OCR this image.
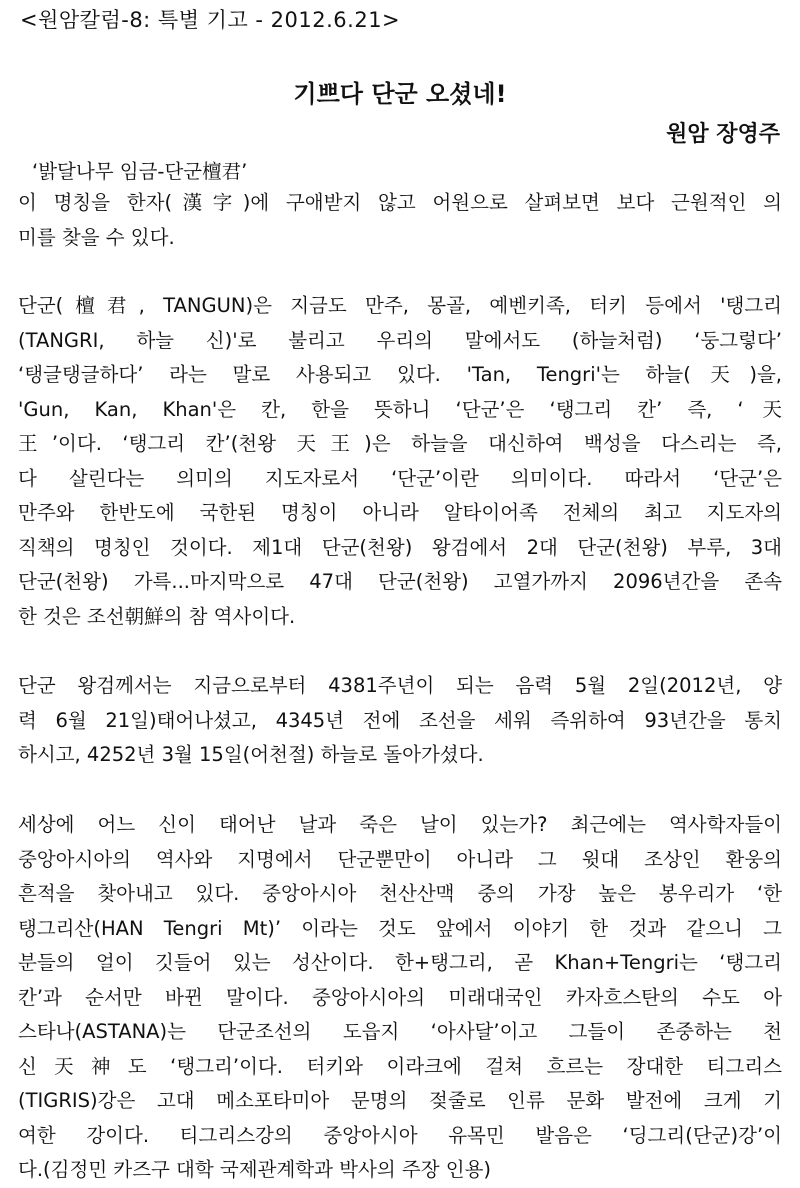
<원암칼럼-8: 특별 기고 - 2012.6.21>
기쁘다 단군 오셨네!
원암 장영주
‘밝달나무 임금-단군檀君’
이 명칭을 한자(漢字)에 구애받지 않고 어원으로 살펴보면 보다 근원적인 의
미를 찾을 수 있다.
단군(檀君, TANGUN)은 지금도 만주, 몽골, 예벤키족, 터키 등에서 '탱그리
(TANGRI, 하늘 신)'로 불리고 우리의 말에서도 (하늘처럼) ‘둥그렇다’
‘탱글탱글하다’ 라는 말로 사용되고 있다. 'Tan, Tengri'는 하늘(天)을,
'Gun, Kan, Khan'은 칸, 한을 뜻하니 ‘단군’은 ‘탱그리 칸’ 즉, ‘天
王’이다. ‘탱그리 칸’(천왕 天王)은 하늘을 대신하여 백성을 다스리는 즉,
다 살린다는 의미의 지도자로서 ‘단군’이란 의미이다. 따라서 ‘단군’은
만주와 한반도에 국한된 명칭이 아니라 알타이어족 전체의 최고 지도자의
직책의 명칭인 것이다. 제1대 단군(천왕) 왕검에서 2대 단군(천왕) 부루, 3대
단군(천왕) 가륵...마지막으로 47대 단군(천왕) 고열가까지 2096년간을 존속
한 것은 조선朝鮮의 참 역사이다.
단군 왕검께서는 지금으로부터 4381주년이 되는 음력 5월 2일(2012년, 양
력 6월 21일)태어나셨고, 4345년 전에 조선을 세워 즉위하여 93년간을 통치
하시고, 4252년 3월 15일(어천절) 하늘로 돌아가셨다.
세상에 어느 신이 태어난 날과 죽은 날이 있는가? 최근에는 역사학자들이
중앙아시아의 역사와 지명에서 단군뿐만이 아니라 그 윗대 조상인 환웅의
흔적을 찾아내고 있다. 중앙아시아 천산산맥 중의 가장 높은 봉우리가 ‘한
탱그리산(HAN Tengri Mt)’ 이라는 것도 앞에서 이야기 한 것과 같으니 그
분들의 얼이 깃들어 있는 성산이다. 한+탱그리, 곧 Khan+Tengri는 ‘탱그리
칸’과 순서만 바뀐 말이다. 중앙아시아의 미래대국인 카자흐스탄의 수도 아
스타나(ASTANA)는 단군조선의 도읍지 ‘아사달’이고 그들이 존중하는 천
신天神도 ‘탱그리’이다. 터키와 이라크에 걸쳐 흐르는 장대한 티그리스
(TIGRIS)강은 고대 메소포타미아 문명의 젖줄로 인류 문화 발전에 크게 기
여한 강이다. 티그리스강의 중앙아시아 유목민 발음은 ‘딩그리(단군)강’이
다.(김정민 카즈구 대학 국제관계학과 박사의 주장 인용)
